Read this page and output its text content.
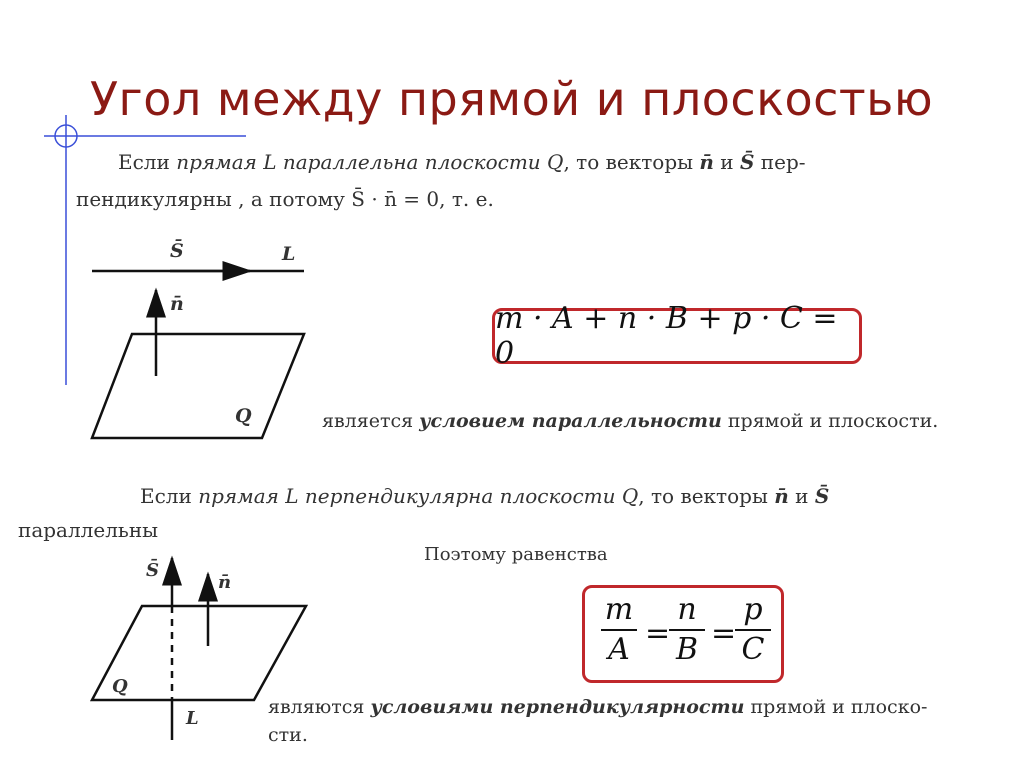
Угол между прямой и плоскостью
Если прямая L параллельна плоскости Q, то векторы n̄ и S̄ пер-
пендикулярны , а потому S̄ · n̄ = 0, т. е.
S̄	L
n̄
Q
m · A + n · B + p · C = 0
является условием параллельности прямой и плоскости.
Если прямая L перпендикулярна плоскости Q, то векторы n̄ и S̄
параллельны
Поэтому равенства
S̄
n̄
Q
L
m
A =
n
B =
p
C
являются условиями перпендикулярности прямой и плоско-
сти.
